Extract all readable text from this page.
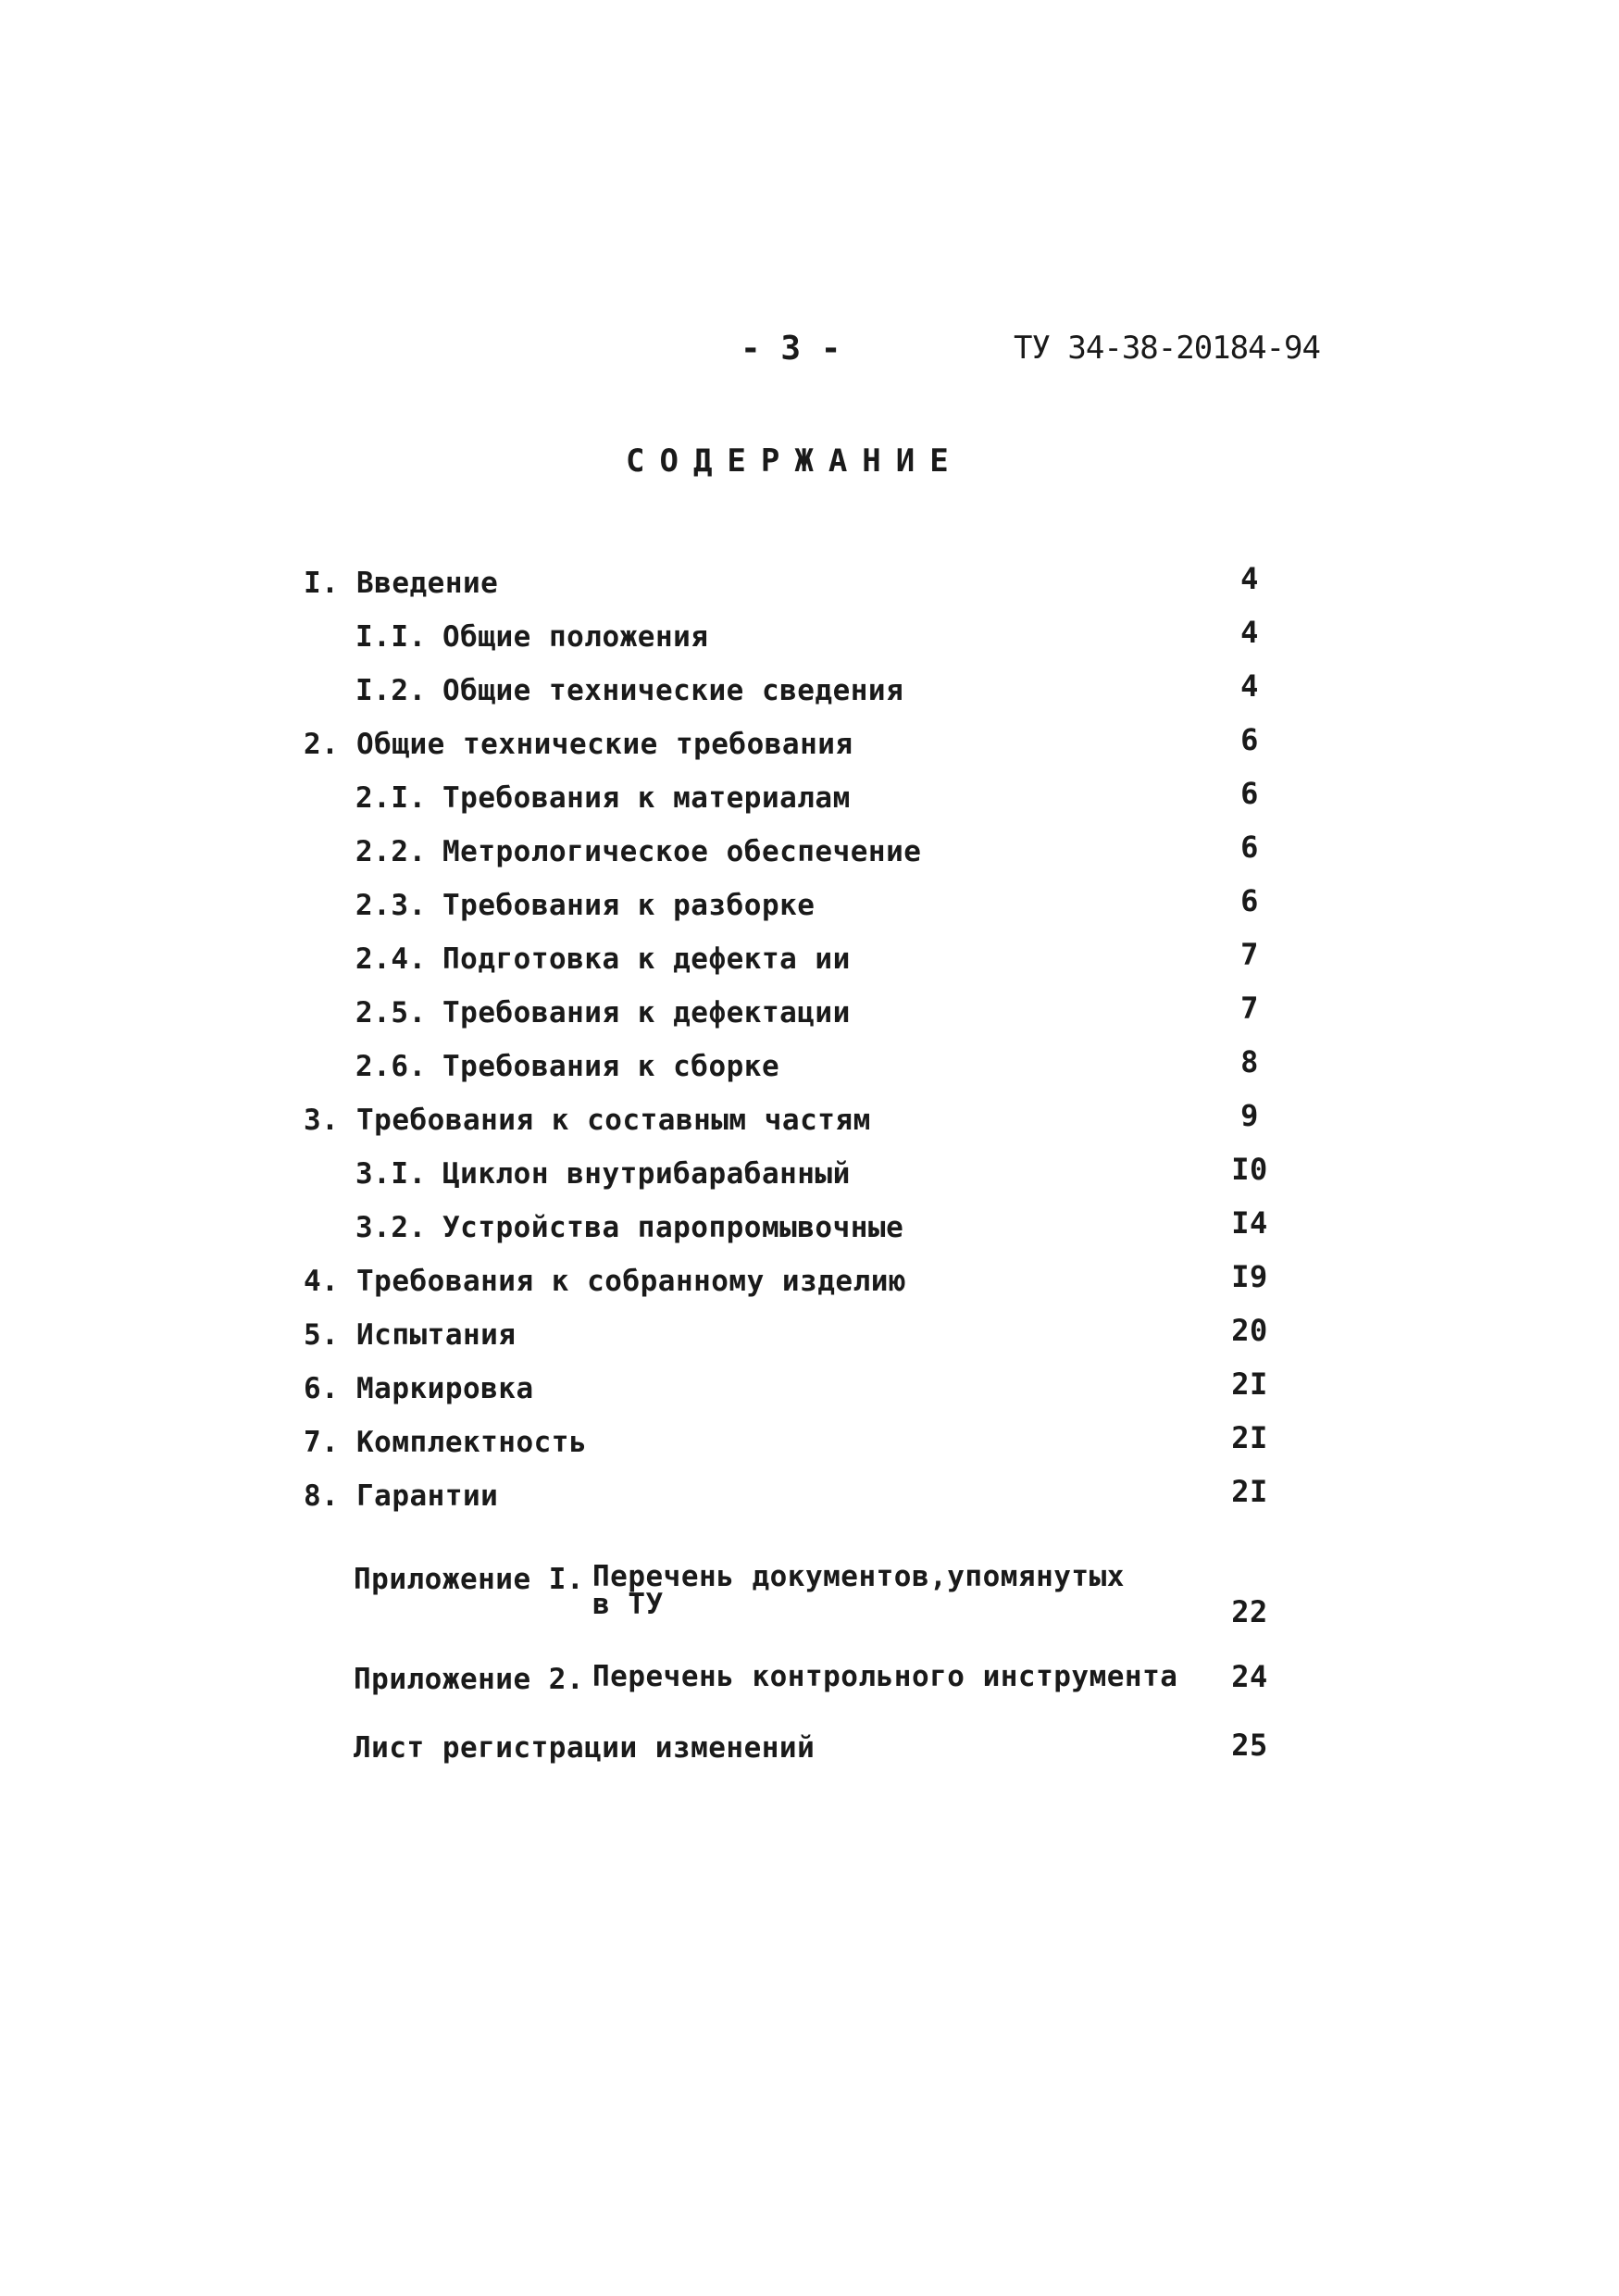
- 3 -	ТУ 34-38-20184-94
СОДЕРЖАНИЕ
I. Введение	4
I.I. Общие положения	4
I.2. Общие технические сведения	4
2. Общие технические требования	6
2.I. Требования к материалам	6
2.2. Метрологическое обеспечение	6
2.3. Требования к разборке	6
2.4. Подготовка к дефекта ии	7
2.5. Требования к дефектации	7
2.6. Требования к сборке	8
3. Требования к составным частям	9
3.I. Циклон внутрибарабанный	I0
3.2. Устройства паропромывочные	I4
4. Требования к собранному изделию	I9
5. Испытания	20
6. Маркировка	2I
7. Комплектность	2I
8. Гарантии	2I
Приложение I. Перечень документов,упомянутых
в ТУ	22
Приложение 2. Перечень контрольного инструмента	24
Лист регистрации изменений	25
